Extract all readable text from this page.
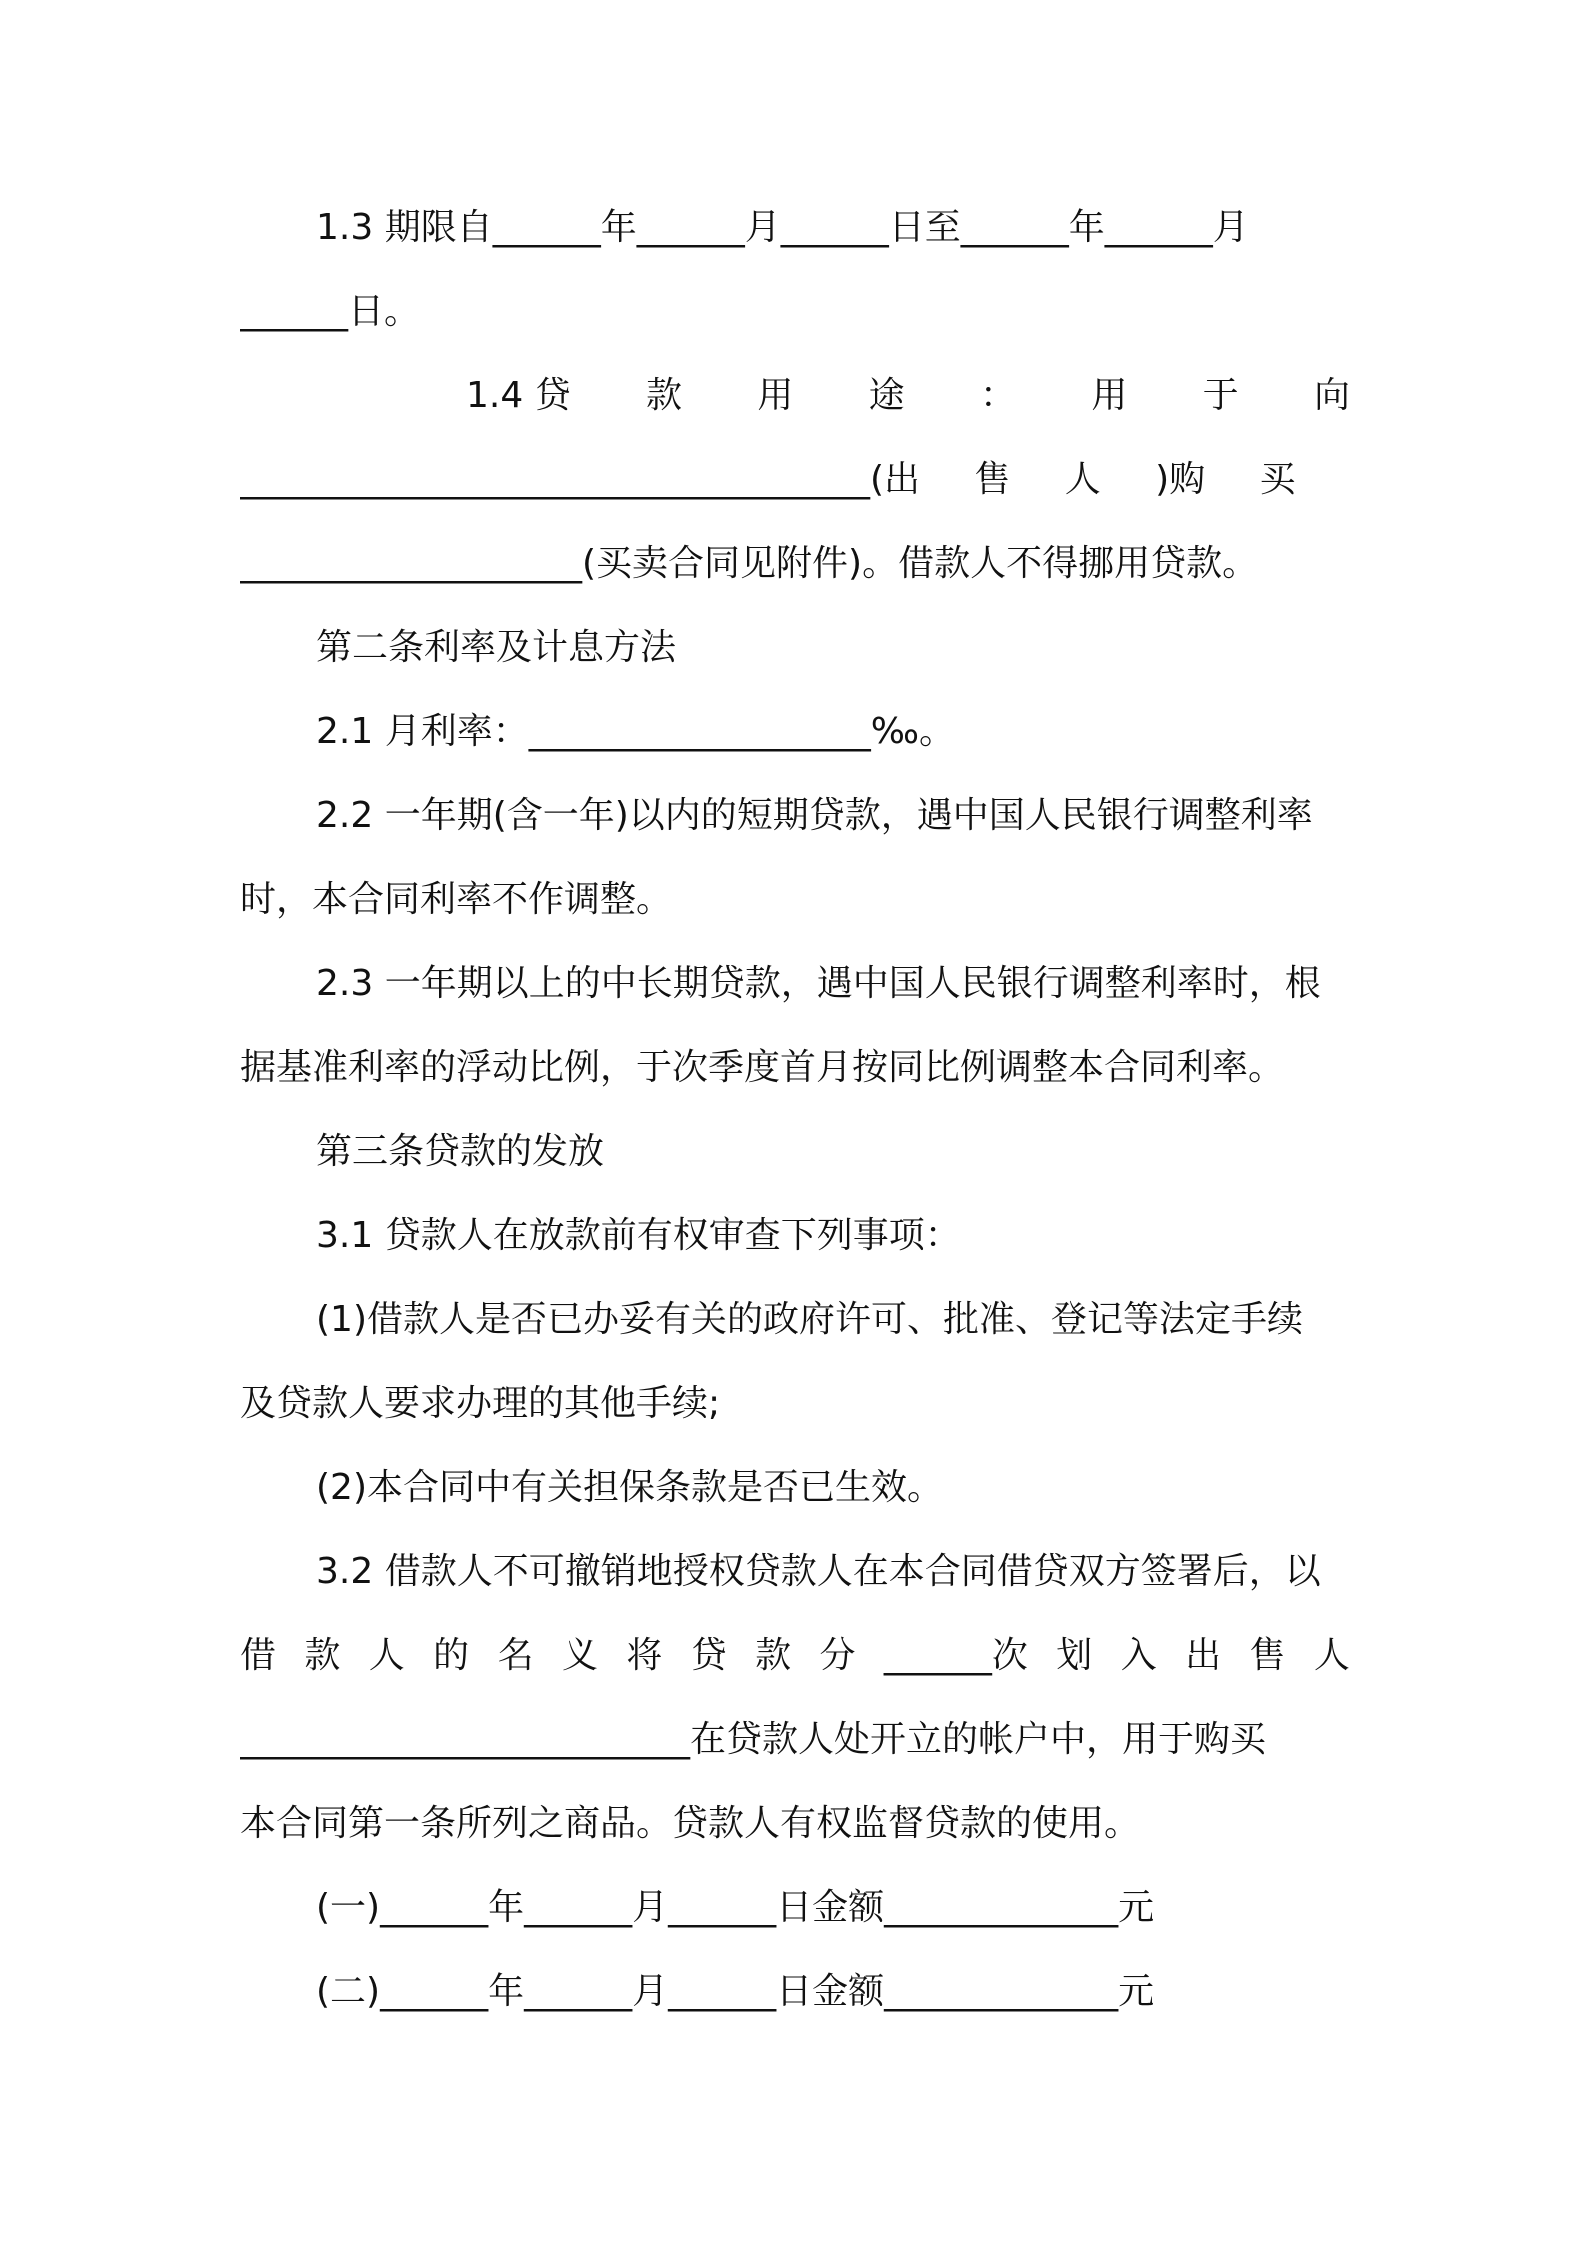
1.3 期限自______年______月______日至______年______月
______日。
1.4 贷 款 用 途 ： 用 于 向
___________________________________(出 售 人 )购 买
___________________(买卖合同见附件)。借款人不得挪用贷款。
第二条利率及计息方法
2.1 月利率：___________________‰。
2.2 一年期(含一年)以内的短期贷款，遇中国人民银行调整利率
时，本合同利率不作调整。
2.3 一年期以上的中长期贷款，遇中国人民银行调整利率时，根
据基准利率的浮动比例，于次季度首月按同比例调整本合同利率。
第三条贷款的发放
3.1 贷款人在放款前有权审查下列事项：
(1)借款人是否已办妥有关的政府许可、批准、登记等法定手续
及贷款人要求办理的其他手续;
(2)本合同中有关担保条款是否已生效。
3.2 借款人不可撤销地授权贷款人在本合同借贷双方签署后，以
借 款 人 的 名 义 将 贷 款 分 ______次 划 入 出 售 人
_________________________在贷款人处开立的帐户中，用于购买
本合同第一条所列之商品。贷款人有权监督贷款的使用。
(一)______年______月______日金额_____________元
(二)______年______月______日金额_____________元
